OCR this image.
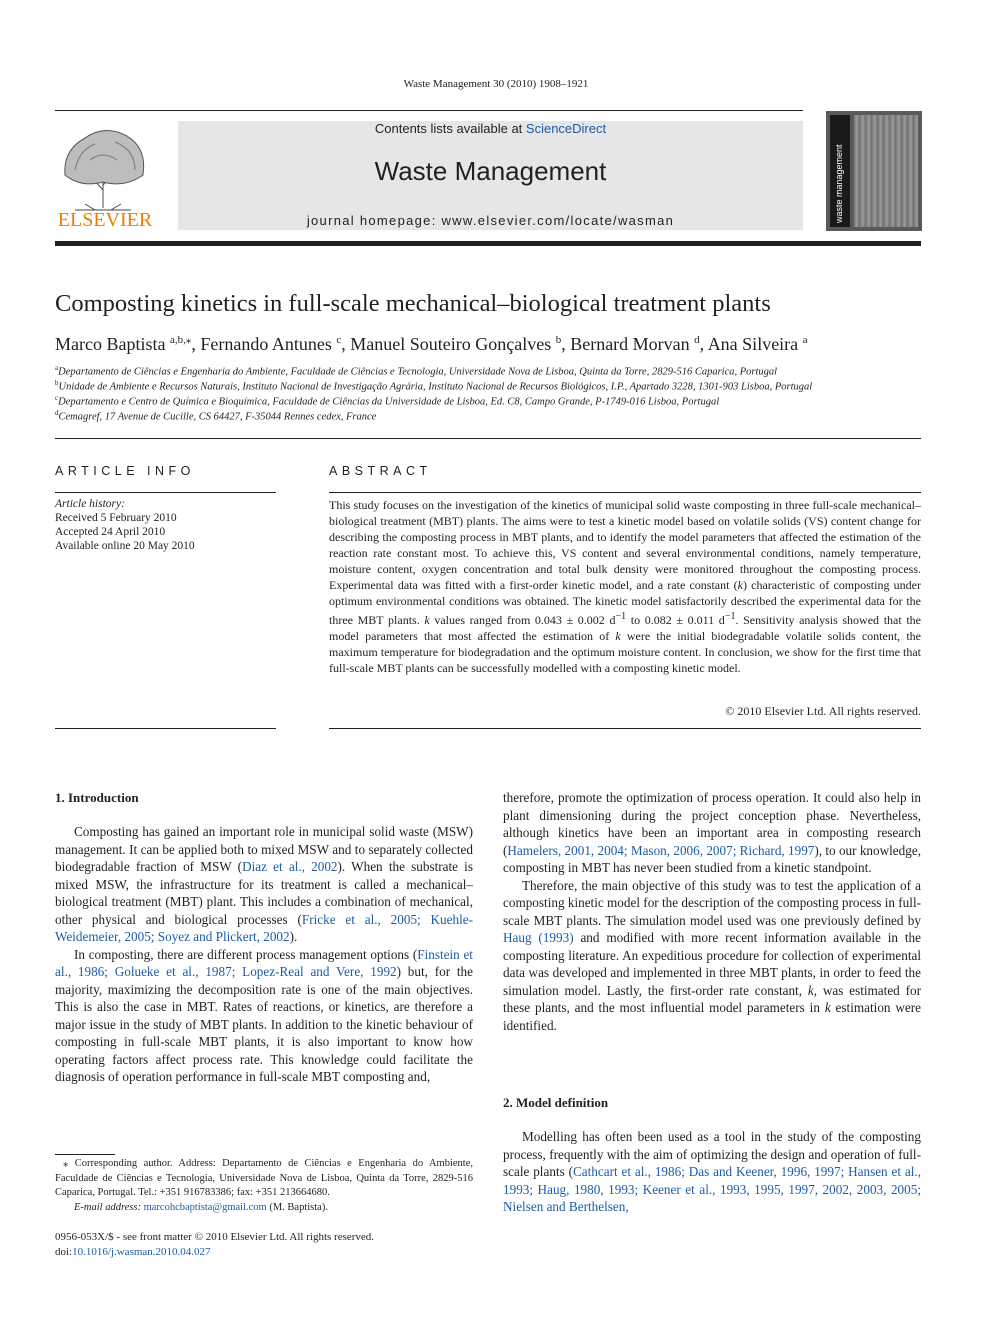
Waste Management 30 (2010) 1908–1921
ELSEVIER
Contents lists available at ScienceDirect
Waste Management
journal homepage: www.elsevier.com/locate/wasman	waste management
Composting kinetics in full-scale mechanical–biological treatment plants
Marco Baptista $^{a,b,⁎}$, Fernando Antunes $^c$, Manuel Souteiro Gonçalves $^b$, Bernard Morvan $^d$, Ana Silveira $^a$
$^a$Departamento de Ciências e Engenharia do Ambiente, Faculdade de Ciências e Tecnologia, Universidade Nova de Lisboa, Quinta da Torre, 2829-516 Caparica, Portugal
$^b$Unidade de Ambiente e Recursos Naturais, Instituto Nacional de Investigação Agrária, Instituto Nacional de Recursos Biológicos, I.P., Apartado 3228, 1301-903 Lisboa, Portugal
$^c$Departamento e Centro de Química e Bioquímica, Faculdade de Ciências da Universidade de Lisboa, Ed. C8, Campo Grande, P-1749-016 Lisboa, Portugal
$^d$Cemagref, 17 Avenue de Cucille, CS 64427, F-35044 Rennes cedex, France
ARTICLE INFO
Article history:
Received 5 February 2010
Accepted 24 April 2010
Available online 20 May 2010
ABSTRACT
This study focuses on the investigation of the kinetics of municipal solid waste composting in three full-scale mechanical–biological treatment (MBT) plants. The aims were to test a kinetic model based on volatile solids (VS) content change for describing the composting process in MBT plants, and to identify the model parameters that affected the estimation of the reaction rate constant most. To achieve this, VS content and several environmental conditions, namely temperature, moisture content, oxygen concentration and total bulk density were monitored throughout the composting process. Experimental data was fitted with a first-order kinetic model, and a rate constant (k) characteristic of composting under optimum environmental conditions was obtained. The kinetic model satisfactorily described the experimental data for the three MBT plants. k values ranged from 0.043 ± 0.002 $d^{-1}$ to 0.082 ± 0.011 $d^{-1}$. Sensitivity analysis showed that the model parameters that most affected the estimation of k were the initial biodegradable volatile solids content, the maximum temperature for biodegradation and the optimum moisture content. In conclusion, we show for the first time that full-scale MBT plants can be successfully modelled with a composting kinetic model.
© 2010 Elsevier Ltd. All rights reserved.
1. Introduction

Composting has gained an important role in municipal solid waste (MSW) management. It can be applied both to mixed MSW and to separately collected biodegradable fraction of MSW (Diaz et al., 2002). When the substrate is mixed MSW, the infrastructure for its treatment is called a mechanical–biological treatment (MBT) plant. This includes a combination of mechanical, other physical and biological processes (Fricke et al., 2005; Kuehle-Weidemeier, 2005; Soyez and Plickert, 2002).

In composting, there are different process management options (Finstein et al., 1986; Golueke et al., 1987; Lopez-Real and Vere, 1992) but, for the majority, maximizing the decomposition rate is one of the main objectives. This is also the case in MBT. Rates of reactions, or kinetics, are therefore a major issue in the study of MBT plants. In addition to the kinetic behaviour of composting in full-scale MBT plants, it is also important to know how operating factors affect process rate. This knowledge could facilitate the diagnosis of operation performance in full-scale MBT composting and,

therefore, promote the optimization of process operation. It could also help in plant dimensioning during the project conception phase. Nevertheless, although kinetics have been an important area in composting research (Hamelers, 2001, 2004; Mason, 2006, 2007; Richard, 1997), to our knowledge, composting in MBT has never been studied from a kinetic standpoint.

Therefore, the main objective of this study was to test the application of a composting kinetic model for the description of the composting process in full-scale MBT plants. The simulation model used was one previously defined by Haug (1993) and modified with more recent information available in the composting literature. An expeditious procedure for collection of experimental data was developed and implemented in three MBT plants, in order to feed the simulation model. Lastly, the first-order rate constant, k, was estimated for these plants, and the most influential model parameters in k estimation were identified.

2. Model definition

Modelling has often been used as a tool in the study of the composting process, frequently with the aim of optimizing the design and operation of full-scale plants (Cathcart et al., 1986; Das and Keener, 1996, 1997; Hansen et al., 1993; Haug, 1980, 1993; Keener et al., 1993, 1995, 1997, 2002, 2003, 2005; Nielsen and Berthelsen,

⁎ Corresponding author. Address: Departamento de Ciências e Engenharia do Ambiente, Faculdade de Ciências e Tecnologia, Universidade Nova de Lisboa, Quinta da Torre, 2829-516 Caparica, Portugal. Tel.: +351 916783386; fax: +351 213664680.
E-mail address: marcohcbaptista@gmail.com (M. Baptista).
0956-053X/$ - see front matter © 2010 Elsevier Ltd. All rights reserved.
doi:10.1016/j.wasman.2010.04.027
